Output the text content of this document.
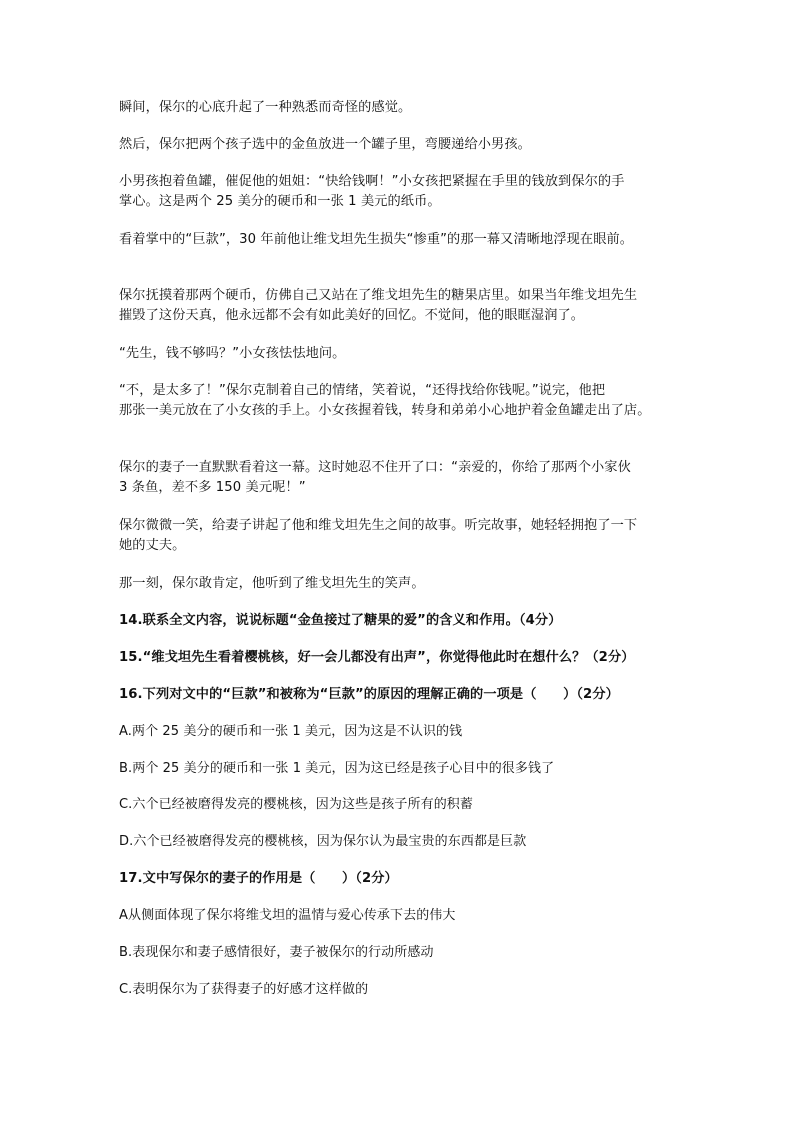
瞬间，保尔的心底升起了一种熟悉而奇怪的感觉。
然后，保尔把两个孩子选中的金鱼放进一个罐子里，弯腰递给小男孩。
小男孩抱着鱼罐，催促他的姐姐：“快给钱啊！”小女孩把紧握在手里的钱放到保尔的手
掌心。这是两个 25 美分的硬币和一张 1 美元的纸币。
看着掌中的“巨款”，30 年前他让维戈坦先生损失“惨重”的那一幕又清晰地浮现在眼前。
保尔抚摸着那两个硬币，仿佛自己又站在了维戈坦先生的糖果店里。如果当年维戈坦先生
摧毁了这份天真，他永远都不会有如此美好的回忆。不觉间，他的眼眶湿润了。
“先生，钱不够吗？”小女孩怯怯地问。
“不，是太多了！”保尔克制着自己的情绪，笑着说，“还得找给你钱呢。”说完，他把
那张一美元放在了小女孩的手上。小女孩握着钱，转身和弟弟小心地护着金鱼罐走出了店。
保尔的妻子一直默默看着这一幕。这时她忍不住开了口：“亲爱的，你给了那两个小家伙
3 条鱼，差不多 150 美元呢！”
保尔微微一笑，给妻子讲起了他和维戈坦先生之间的故事。听完故事，她轻轻拥抱了一下
她的丈夫。
那一刻，保尔敢肯定，他听到了维戈坦先生的笑声。
14.联系全文内容，说说标题“金鱼接过了糖果的爱”的含义和作用。（4分）
15.“维戈坦先生看着樱桃核，好一会儿都没有出声”，你觉得他此时在想什么？（2分）
16.下列对文中的“巨款”和被称为“巨款”的原因的理解正确的一项是（　　）（2分）
A.两个 25 美分的硬币和一张 1 美元，因为这是不认识的钱
B.两个 25 美分的硬币和一张 1 美元，因为这已经是孩子心目中的很多钱了
C.六个已经被磨得发亮的樱桃核，因为这些是孩子所有的积蓄
D.六个已经被磨得发亮的樱桃核，因为保尔认为最宝贵的东西都是巨款
17.文中写保尔的妻子的作用是（　　）（2分）
A从侧面体现了保尔将维戈坦的温情与爱心传承下去的伟大
B.表现保尔和妻子感情很好，妻子被保尔的行动所感动
C.表明保尔为了获得妻子的好感才这样做的
